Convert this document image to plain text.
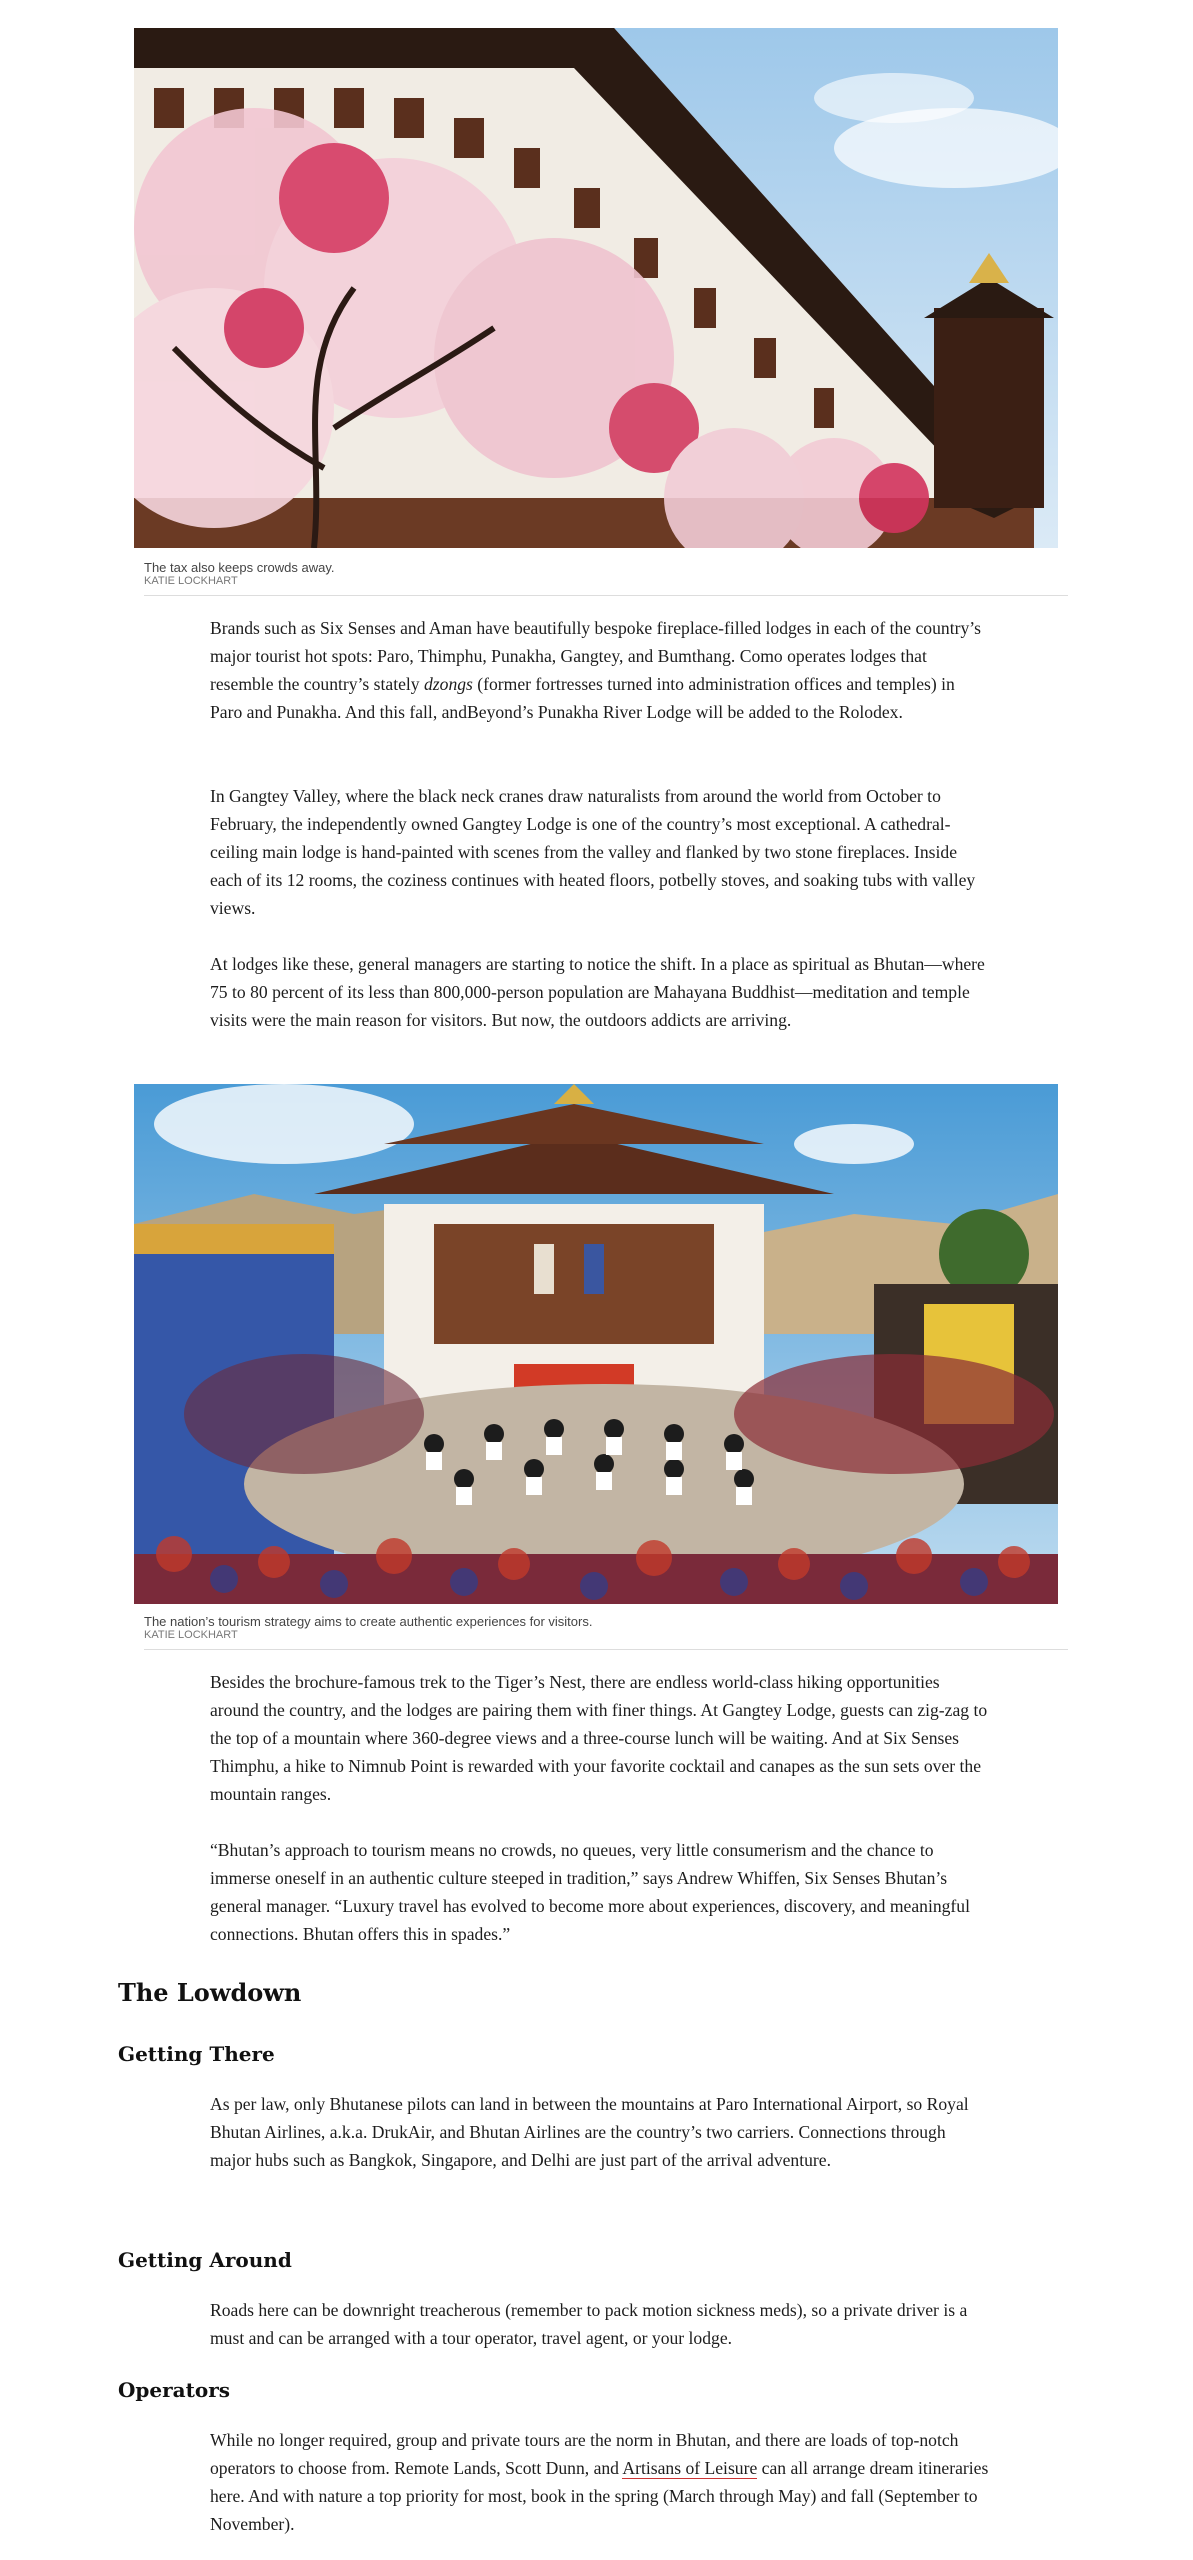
The tax also keeps crowds away.
KATIE LOCKHART

Brands such as Six Senses and Aman have beautifully bespoke fireplace-filled lodges in each of the country’s major tourist hot spots: Paro, Thimphu, Punakha, Gangtey, and Bumthang. Como operates lodges that resemble the country’s stately dzongs (former fortresses turned into administration offices and temples) in Paro and Punakha. And this fall, andBeyond’s Punakha River Lodge will be added to the Rolodex.

In Gangtey Valley, where the black neck cranes draw naturalists from around the world from October to February, the independently owned Gangtey Lodge is one of the country’s most exceptional. A cathedral-ceiling main lodge is hand-painted with scenes from the valley and flanked by two stone fireplaces. Inside each of its 12 rooms, the coziness continues with heated floors, potbelly stoves, and soaking tubs with valley views.

At lodges like these, general managers are starting to notice the shift. In a place as spiritual as Bhutan—where 75 to 80 percent of its less than 800,000-person population are Mahayana Buddhist—meditation and temple visits were the main reason for visitors. But now, the outdoors addicts are arriving.

The nation’s tourism strategy aims to create authentic experiences for visitors.
KATIE LOCKHART

Besides the brochure-famous trek to the Tiger’s Nest, there are endless world-class hiking opportunities around the country, and the lodges are pairing them with finer things. At Gangtey Lodge, guests can zig-zag to the top of a mountain where 360-degree views and a three-course lunch will be waiting. And at Six Senses Thimphu, a hike to Nimnub Point is rewarded with your favorite cocktail and canapes as the sun sets over the mountain ranges.

“Bhutan’s approach to tourism means no crowds, no queues, very little consumerism and the chance to immerse oneself in an authentic culture steeped in tradition,” says Andrew Whiffen, Six Senses Bhutan’s general manager. “Luxury travel has evolved to become more about experiences, discovery, and meaningful connections. Bhutan offers this in spades.”

The Lowdown
Getting There

As per law, only Bhutanese pilots can land in between the mountains at Paro International Airport, so Royal Bhutan Airlines, a.k.a. DrukAir, and Bhutan Airlines are the country’s two carriers. Connections through major hubs such as Bangkok, Singapore, and Delhi are just part of the arrival adventure.

Getting Around

Roads here can be downright treacherous (remember to pack motion sickness meds), so a private driver is a must and can be arranged with a tour operator, travel agent, or your lodge.

Operators

While no longer required, group and private tours are the norm in Bhutan, and there are loads of top-notch operators to choose from. Remote Lands, Scott Dunn, and Artisans of Leisure can all arrange dream itineraries here. And with nature a top priority for most, book in the spring (March through May) and fall (September to November).
